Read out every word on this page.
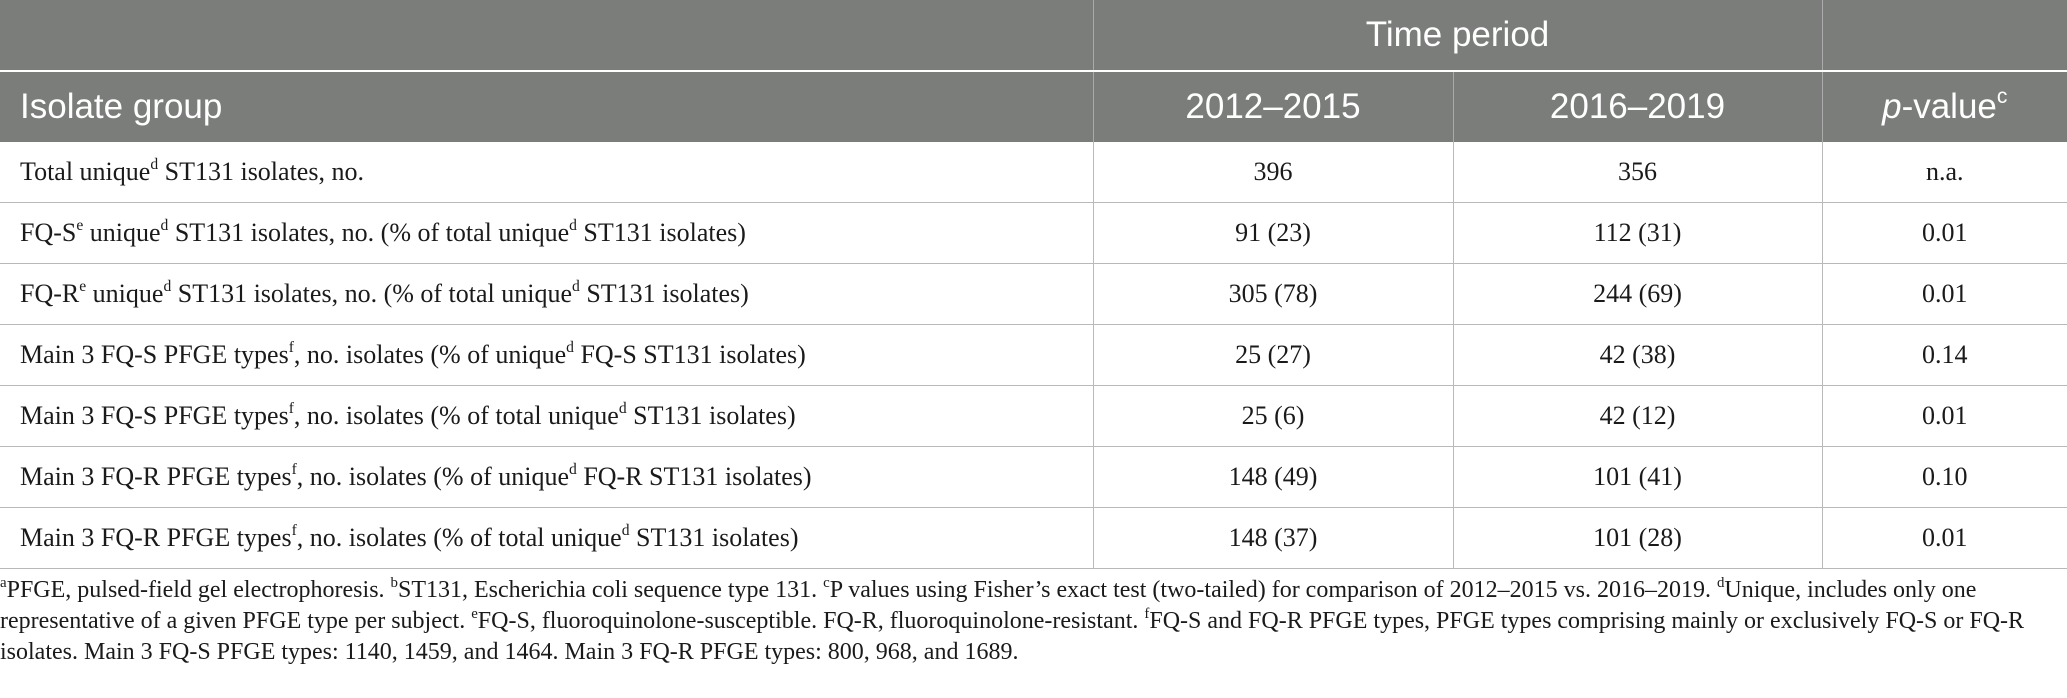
	Time period		
Isolate group	2012–2015	2016–2019	p-value$^c$
Total unique$^d$ ST131 isolates, no.	396	356	n.a.
$FQ-S^e$ unique$^d$ ST131 isolates, no. (% of total unique$^d$ ST131 isolates)	91 (23)	112 (31)	0.01
$FQ-R^e$ unique$^d$ ST131 isolates, no. (% of total unique$^d$ ST131 isolates)	305 (78)	244 (69)	0.01
Main 3 FQ-S PFGE types$^f$, no. isolates (% of unique$^d$ FQ-S ST131 isolates)	25 (27)	42 (38)	0.14
Main 3 FQ-S PFGE types$^f$, no. isolates (% of total unique$^d$ ST131 isolates)	25 (6)	42 (12)	0.01
Main 3 FQ-R PFGE types$^f$, no. isolates (% of unique$^d$ FQ-R ST131 isolates)	148 (49)	101 (41)	0.10
Main 3 FQ-R PFGE types$^f$, no. isolates (% of total unique$^d$ ST131 isolates)	148 (37)	101 (28)	0.01
$^a$PFGE, pulsed-field gel electrophoresis. $^b$ST131, Escherichia coli sequence type 131. $^c$P values using Fisher’s exact test (two-tailed) for comparison of 2012–2015 vs. 2016–2019. $^d$Unique, includes only one representative of a given PFGE type per subject. $^e$FQ-S, fluoroquinolone-susceptible. FQ-R, fluoroquinolone-resistant. $^f$FQ-S and FQ-R PFGE types, PFGE types comprising mainly or exclusively FQ-S or FQ-R isolates. Main 3 FQ-S PFGE types: 1140, 1459, and 1464. Main 3 FQ-R PFGE types: 800, 968, and 1689.
